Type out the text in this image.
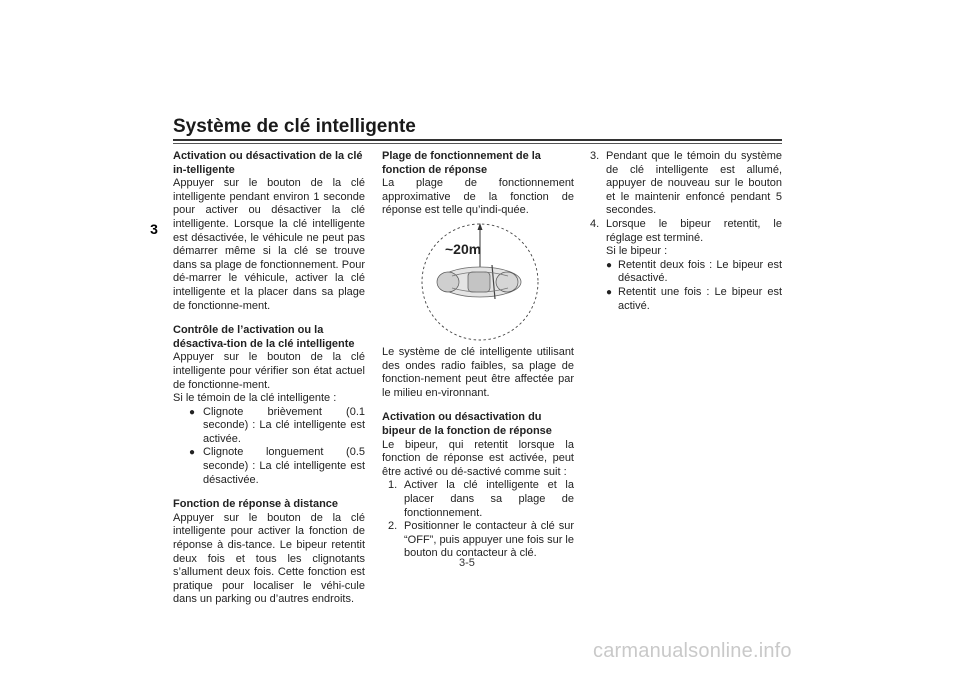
Système de clé intelligente
3
Activation ou désactivation de la clé in-telligente

Appuyer sur le bouton de la clé intelligente pendant environ 1 seconde pour activer ou désactiver la clé intelligente. Lorsque la clé intelligente est désactivée, le véhicule ne peut pas démarrer même si la clé se trouve dans sa plage de fonctionnement. Pour dé-marrer le véhicule, activer la clé intelligente et la placer dans sa plage de fonctionne-ment.

Contrôle de l’activation ou la désactiva-tion de la clé intelligente

Appuyer sur le bouton de la clé intelligente pour vérifier son état actuel de fonctionne-ment.

Si le témoin de la clé intelligente :

● Clignote brièvement (0.1 seconde) : La clé intelligente est activée.
● Clignote longuement (0.5 seconde) : La clé intelligente est désactivée.
Fonction de réponse à distance

Appuyer sur le bouton de la clé intelligente pour activer la fonction de réponse à dis-tance. Le bipeur retentit deux fois et tous les clignotants s’allument deux fois. Cette fonction est pratique pour localiser le véhi-cule dans un parking ou d’autres endroits.

Plage de fonctionnement de la fonction de réponse

La plage de fonctionnement approximative de la fonction de réponse est telle qu’indi-quée.

~20m

Le système de clé intelligente utilisant des ondes radio faibles, sa plage de fonction-nement peut être affectée par le milieu en-vironnant.

Activation ou désactivation du bipeur de la fonction de réponse

Le bipeur, qui retentit lorsque la fonction de réponse est activée, peut être activé ou dé-sactivé comme suit :

1. Activer la clé intelligente et la placer dans sa plage de fonctionnement.
2. Positionner le contacteur à clé sur “OFF”, puis appuyer une fois sur le bouton du contacteur à clé.
3. Pendant que le témoin du système de clé intelligente est allumé, appuyer de nouveau sur le bouton et le maintenir enfoncé pendant 5 secondes.
4. Lorsque le bipeur retentit, le réglage est terminé.

Si le bipeur :

● Retentit deux fois : Le bipeur est désactivé.
● Retentit une fois : Le bipeur est activé.
3-5
carmanualsonline.info
